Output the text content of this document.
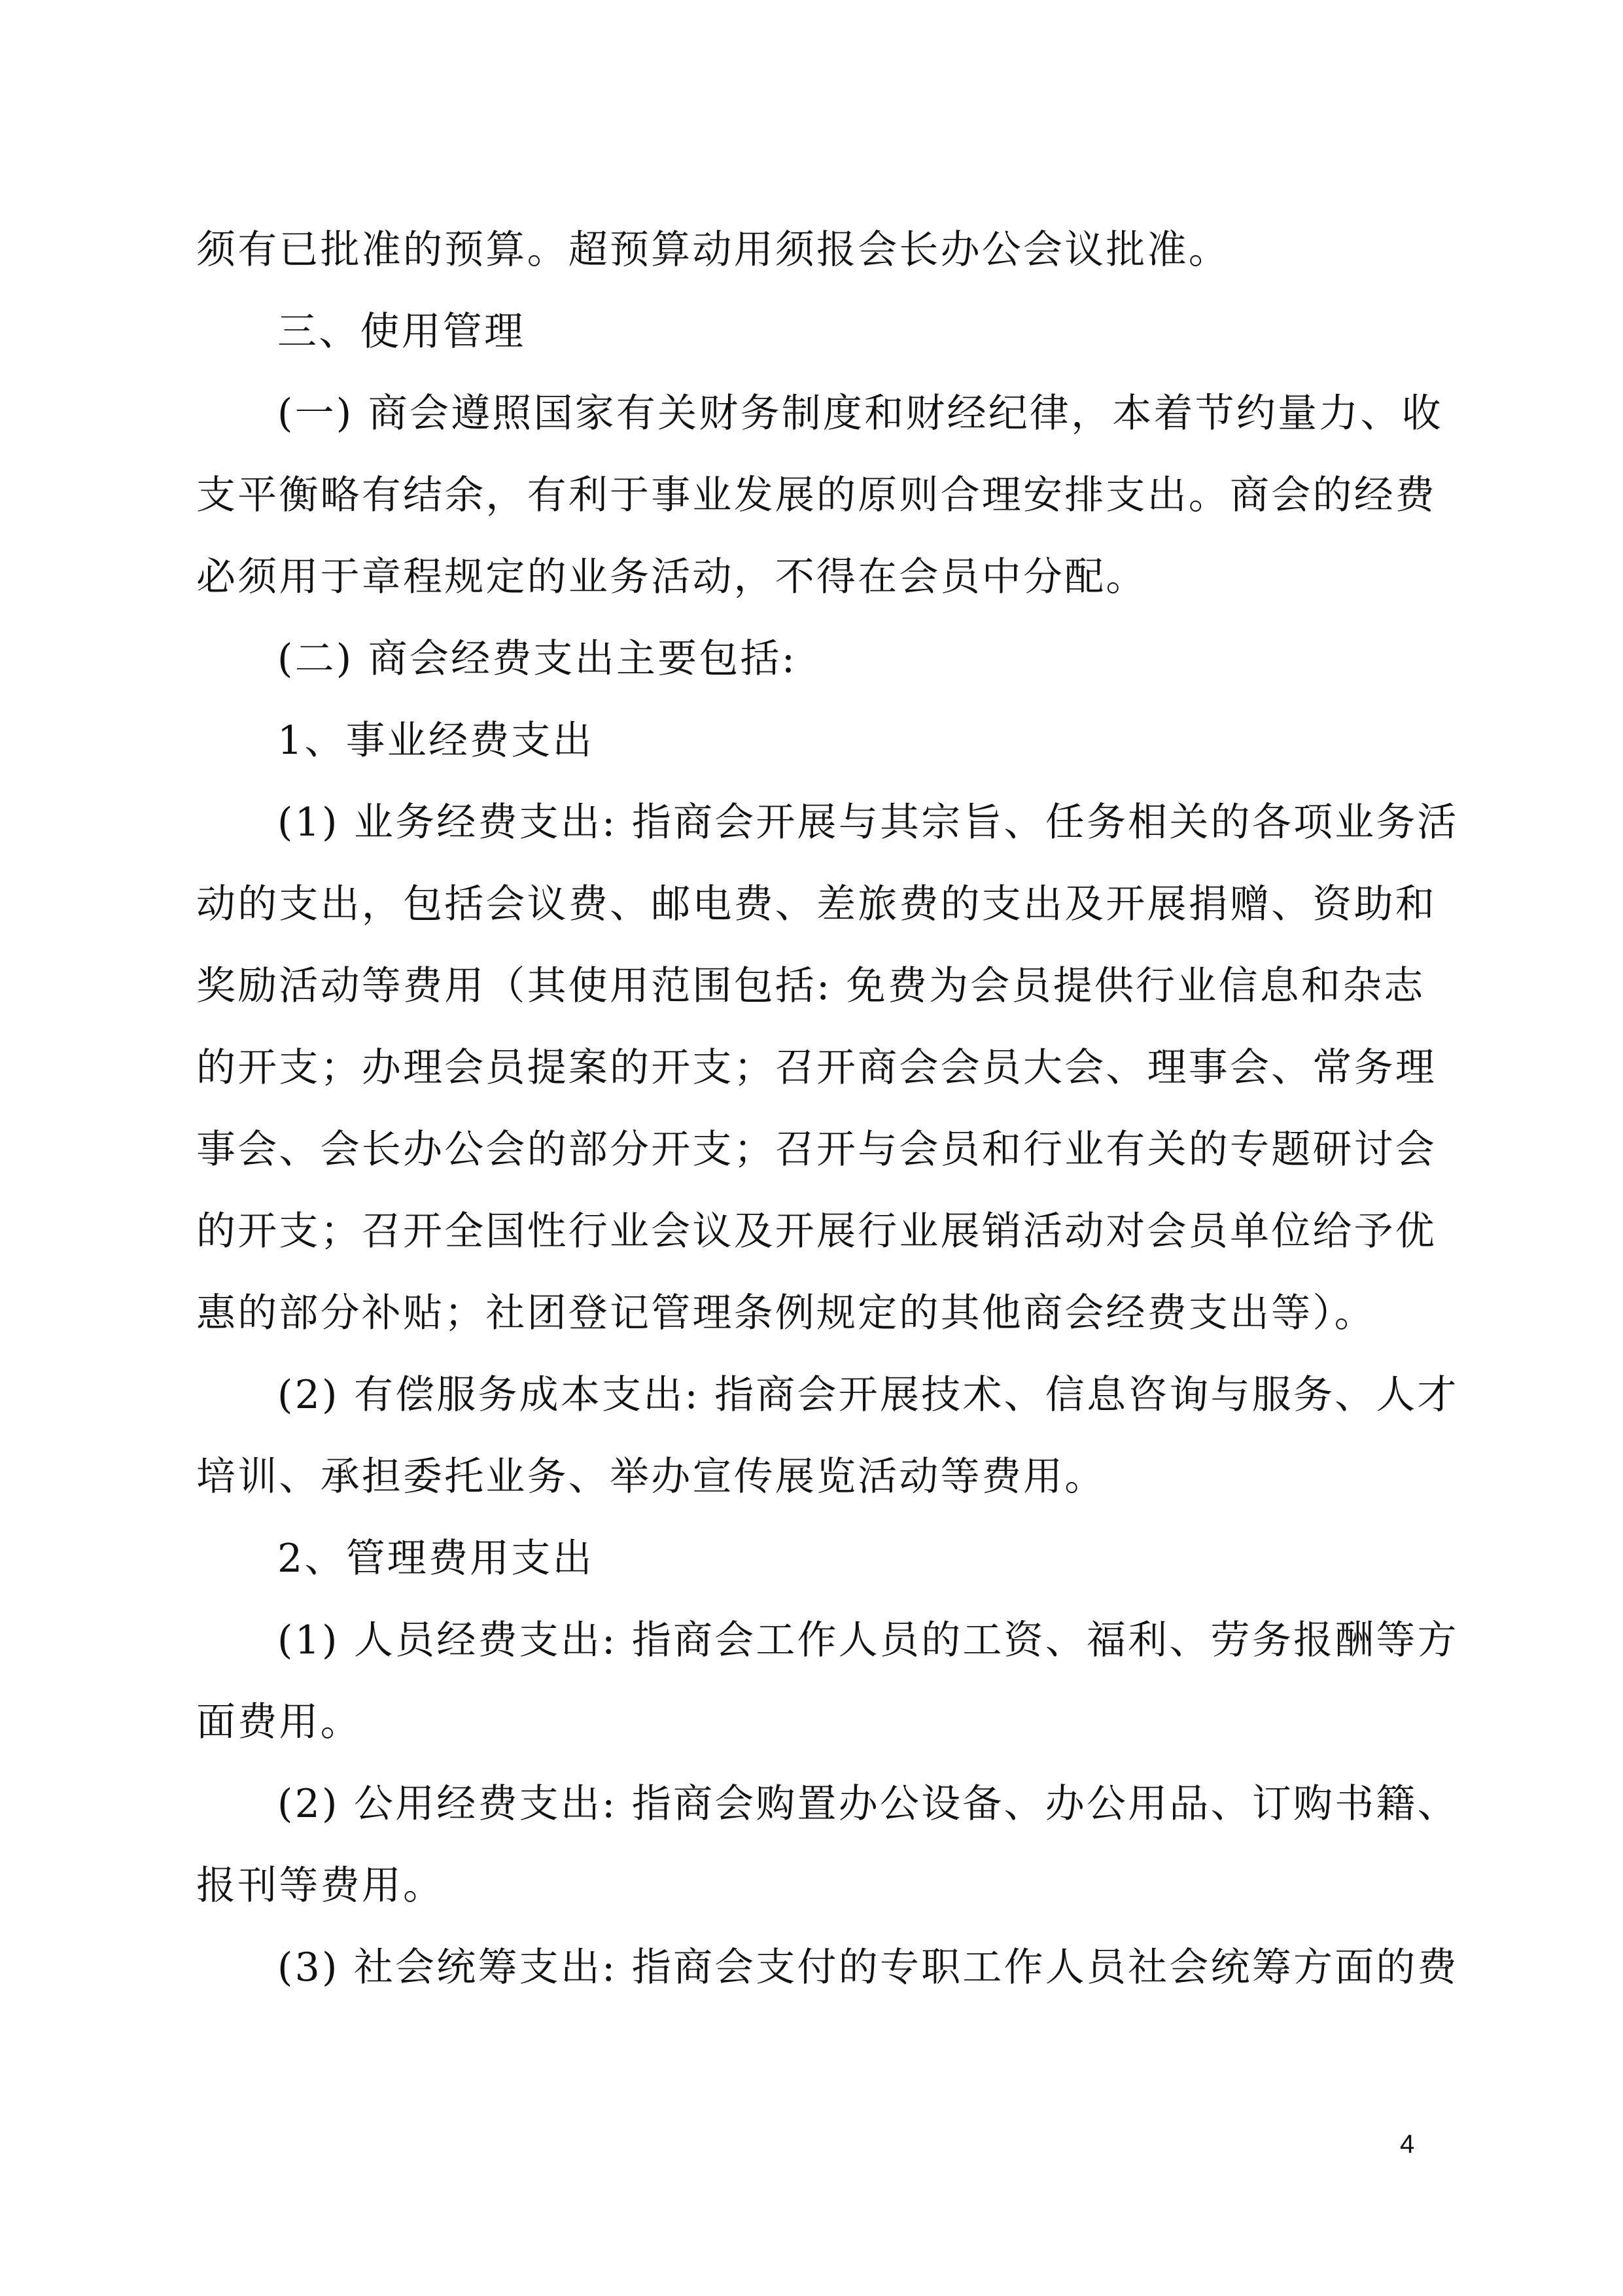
须有已批准的预算。超预算动用须报会长办公会议批准。
三、使用管理
(一) 商会遵照国家有关财务制度和财经纪律，本着节约量力、收
支平衡略有结余，有利于事业发展的原则合理安排支出。商会的经费
必须用于章程规定的业务活动，不得在会员中分配。
(二) 商会经费支出主要包括:
1、事业经费支出
(1) 业务经费支出: 指商会开展与其宗旨、任务相关的各项业务活
动的支出，包括会议费、邮电费、差旅费的支出及开展捐赠、资助和
奖励活动等费用（其使用范围包括: 免费为会员提供行业信息和杂志
的开支；办理会员提案的开支；召开商会会员大会、理事会、常务理
事会、会长办公会的部分开支；召开与会员和行业有关的专题研讨会
的开支；召开全国性行业会议及开展行业展销活动对会员单位给予优
惠的部分补贴；社团登记管理条例规定的其他商会经费支出等）。
(2) 有偿服务成本支出: 指商会开展技术、信息咨询与服务、人才
培训、承担委托业务、举办宣传展览活动等费用。
2、管理费用支出
(1) 人员经费支出: 指商会工作人员的工资、福利、劳务报酬等方
面费用。
(2) 公用经费支出: 指商会购置办公设备、办公用品、订购书籍、
报刊等费用。
(3) 社会统筹支出: 指商会支付的专职工作人员社会统筹方面的费
4
